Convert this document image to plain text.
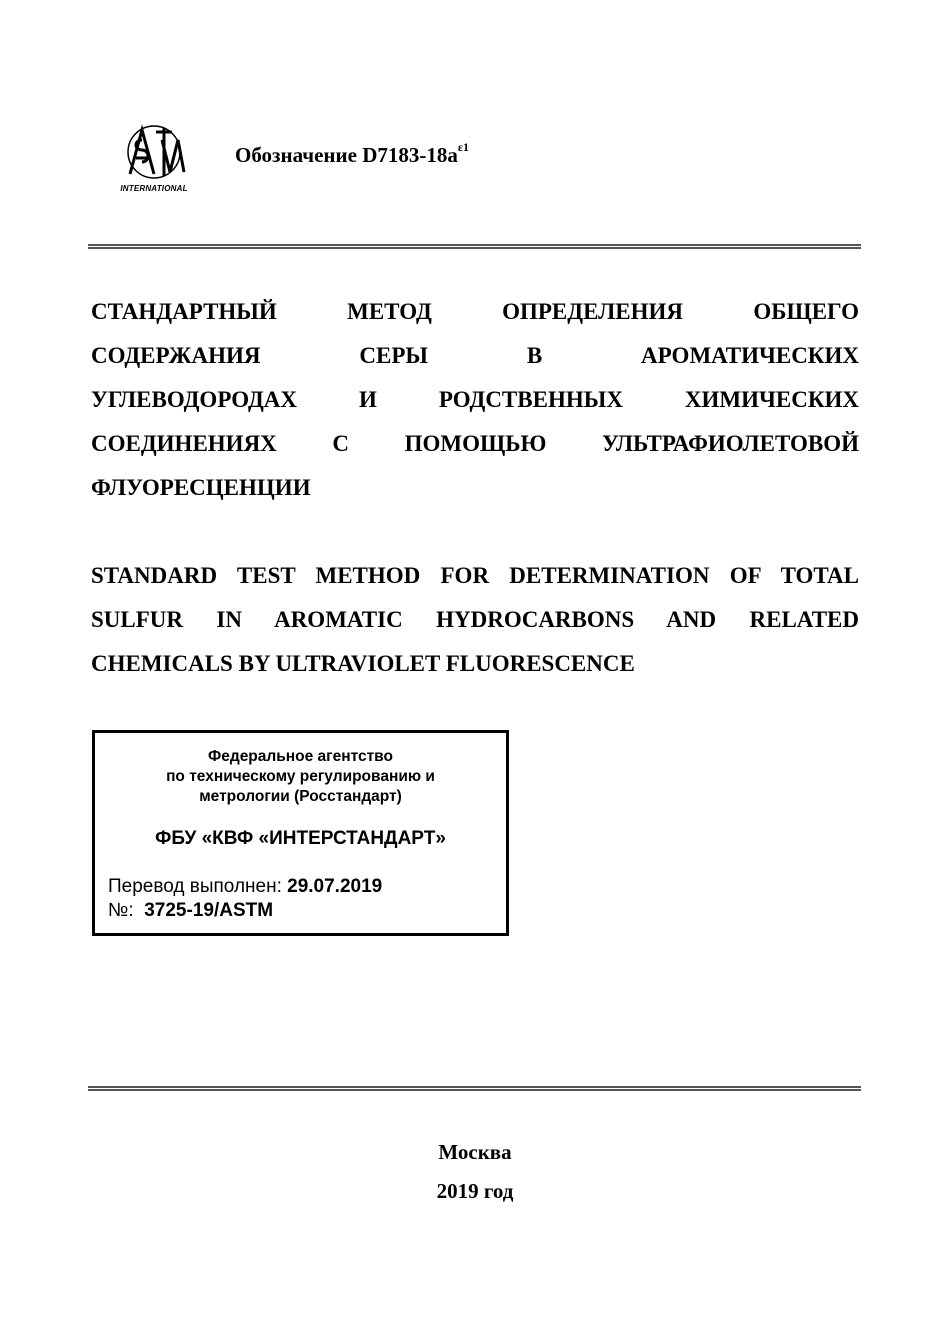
INTERNATIONAL
Обозначение $D7183-18a^{\varepsilon 1}$
СТАНДАРТНЫЙ МЕТОД ОПРЕДЕЛЕНИЯ ОБЩЕГО
СОДЕРЖАНИЯ СЕРЫ В АРОМАТИЧЕСКИХ
УГЛЕВОДОРОДАХ И РОДСТВЕННЫХ ХИМИЧЕСКИХ
СОЕДИНЕНИЯХ С ПОМОЩЬЮ УЛЬТРАФИОЛЕТОВОЙ
ФЛУОРЕСЦЕНЦИИ
STANDARD TEST METHOD FOR DETERMINATION OF TOTAL
SULFUR IN AROMATIC HYDROCARBONS AND RELATED
CHEMICALS BY ULTRAVIOLET FLUORESCENCE
Федеральное агентство
по техническому регулированию и
метрологии (Росстандарт)
ФБУ «КВФ «ИНТЕРСТАНДАРТ»
Перевод выполнен: 29.07.2019
№: 3725-19/ASTM
Москва
2019 год
